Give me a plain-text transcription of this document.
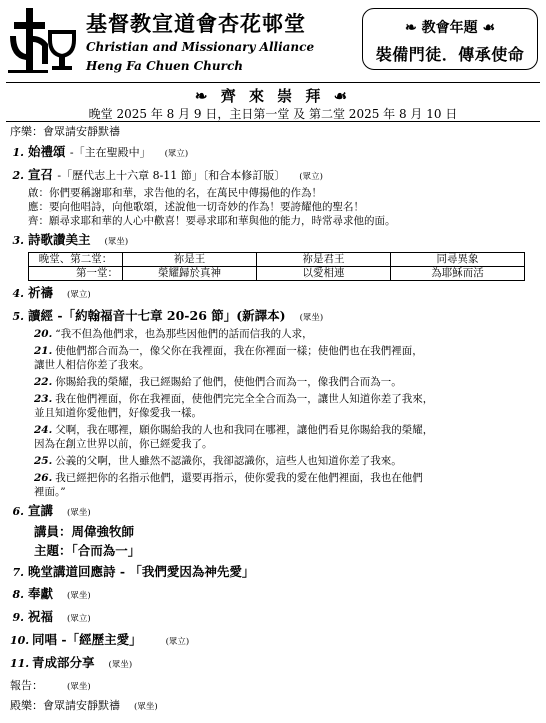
基督教宣道會杏花邨堂
Christian and Missionary Alliance
Heng Fa Chuen Church
❧ 教會年題 ☙
裝備門徒．傳承使命
❧ 齊 來 崇 拜 ☙
晚堂 2025 年 8 月 9 日，主日第一堂 及 第二堂 2025 年 8 月 10 日
序樂：會眾請安靜默禱
1. 始禮頌 -「主在聖殿中」 (眾立)
2. 宣召 -「歷代志上十六章 8-11 節」〔和合本修訂版〕 (眾立)
啟：你們要稱謝耶和華，求告他的名，在萬民中傳揚他的作為！
應：要向他唱詩，向他歌頌，述說他一切奇妙的作為！要誇耀他的聖名！
齊：願尋求耶和華的人心中歡喜！要尋求耶和華與他的能力，時常尋求他的面。
3. 詩歌讚美主 (眾坐)
晚堂、第二堂：	祢是王	祢是君王	同尋異象
第一堂：	榮耀歸於真神	以愛相連	為耶穌而活
4. 祈禱 (眾立)
5. 讀經 -「約翰福音十七章 20-26 節」(新譯本) (眾坐)
20. “我不但為他們求，也為那些因他們的話而信我的人求，
21. 使他們都合而為一，像父你在我裡面，我在你裡面一樣；使他們也在我們裡面，
讓世人相信你差了我來。
22. 你賜給我的榮耀，我已經賜給了他們，使他們合而為一，像我們合而為一。
23. 我在他們裡面，你在我裡面，使他們完完全全合而為一，讓世人知道你差了我來，
並且知道你愛他們，好像愛我一樣。
24. 父啊，我在哪裡，願你賜給我的人也和我同在哪裡，讓他們看見你賜給我的榮耀，
因為在創立世界以前，你已經愛我了。
25. 公義的父啊，世人雖然不認識你，我卻認識你，這些人也知道你差了我來。
26. 我已經把你的名指示他們，還要再指示，使你愛我的愛在他們裡面，我也在他們
裡面。”
6. 宣講 (眾坐)
講員：周偉強牧師
主題：「合而為一」
7. 晚堂講道回應詩 - 「我們愛因為神先愛」
8. 奉獻 (眾坐)
9. 祝福 (眾立)
10. 同唱 -「經歷主愛」	(眾立)
11. 青成部分享 (眾坐)
報告：	(眾坐)
殿樂：會眾請安靜默禱 (眾坐)
